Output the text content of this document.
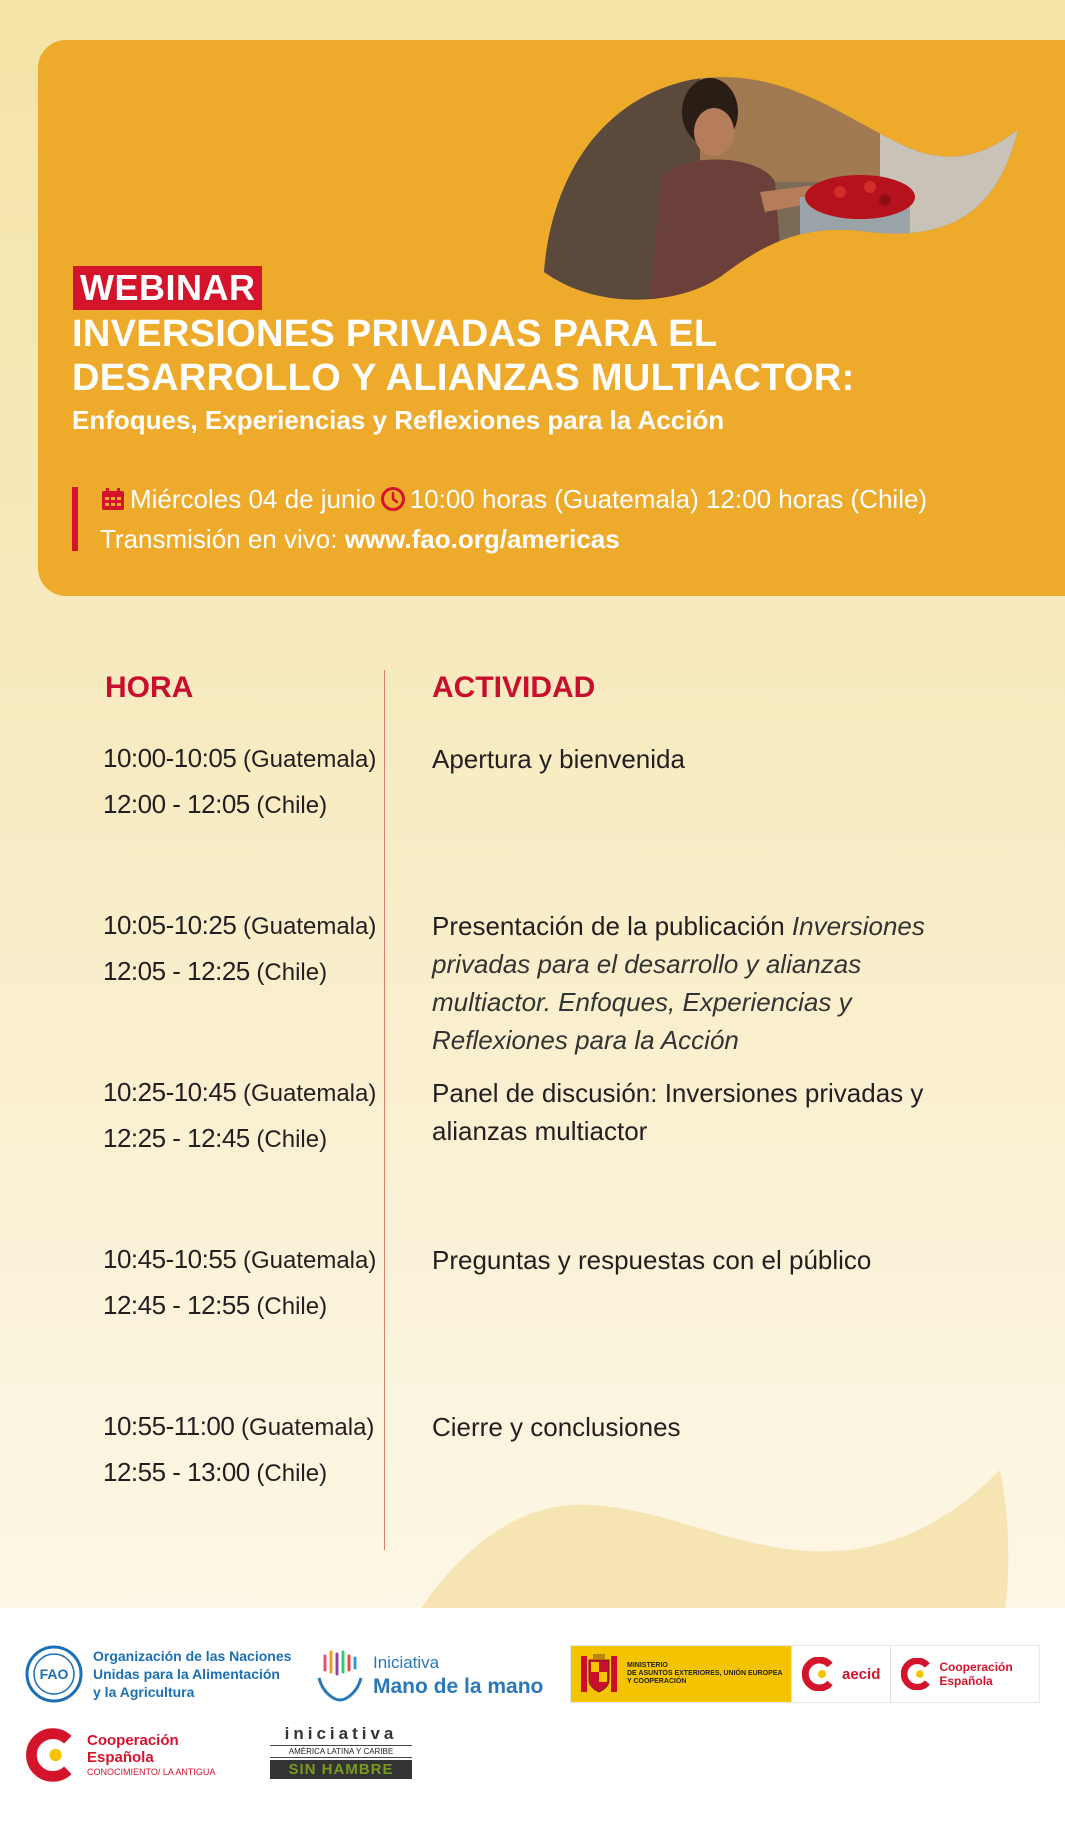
WEBINAR
INVERSIONES PRIVADAS PARA EL
DESARROLLO Y ALIANZAS MULTIACTOR:
Enfoques, Experiencias y Reflexiones para la Acción
Miércoles 04 de junio 10:00 horas (Guatemala) 12:00 horas (Chile)
Transmisión en vivo: www.fao.org/americas
HORA	ACTIVIDAD
10:00-10:05 (Guatemala)
12:00 - 12:05 (Chile)
Apertura y bienvenida
10:05-10:25 (Guatemala)
12:05 - 12:25 (Chile)
Presentación de la publicación Inversiones privadas para el desarrollo y alianzas multiactor. Enfoques, Experiencias y Reflexiones para la Acción
10:25-10:45 (Guatemala)
12:25 - 12:45 (Chile)
Panel de discusión: Inversiones privadas y alianzas multiactor
10:45-10:55 (Guatemala)
12:45 - 12:55 (Chile)
Preguntas y respuestas con el público
10:55-11:00 (Guatemala)
12:55 - 13:00 (Chile)
Cierre y conclusiones
FAO
Organización de las Naciones
Unidas para la Alimentación
y la Agricultura
Iniciativa
Mano de la mano
MINISTERIO
DE ASUNTOS EXTERIORES, UNIÓN EUROPEA
Y COOPERACIÓN	aecid	Cooperación
Española
Cooperación
Española
CONOCIMIENTO/ LA ANTIGUA
iniciativa
AMÉRICA LATINA Y CARIBE
SIN HAMBRE
